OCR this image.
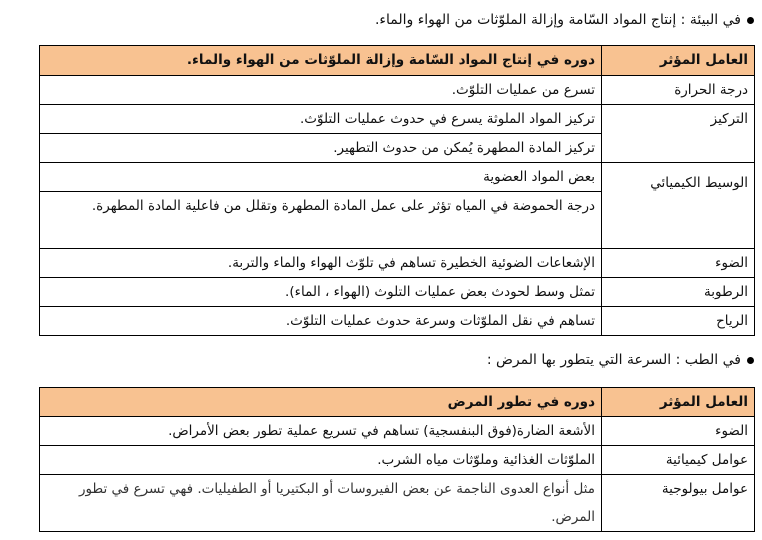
في البيئة : إنتاج المواد السّامة وإزالة الملوّثات من الهواء والماء.
العامل المؤثر	دوره في إنتاج المواد السّامة وإزالة الملوّثات من الهواء والماء.
درجة الحرارة	تسرع من عمليات التلوّث.
التركيز	تركيز المواد الملوثة يسرع في حدوث عمليات التلوّث.
	تركيز المادة المطهرة يُمكن من حدوث التطهير.
الوسيط الكيميائي	بعض المواد العضوية
	درجة الحموضة في المياه تؤثر على عمل المادة المطهرة وتقلل من فاعلية المادة المطهرة.
الضوء	الإشعاعات الضوئية الخطيرة تساهم في تلوّث الهواء والماء والتربة.
الرطوبة	تمثل وسط لحودث بعض عمليات التلوث (الهواء ، الماء).
الرياح	تساهم في نقل الملوّثات وسرعة حدوث عمليات التلوّث.
في الطب : السرعة التي يتطور بها المرض :
العامل المؤثر	دوره في تطور المرض
الضوء	الأشعة الضارة(فوق البنفسجية) تساهم في تسريع عملية تطور بعض الأمراض.
عوامل كيميائية	الملوّثات الغذائية وملوّثات مياه الشرب.
عوامل بيولوجية	مثل أنواع العدوى الناجمة عن بعض الفيروسات أو البكتيريا أو الطفيليات. فهي تسرع في تطور المرض.
